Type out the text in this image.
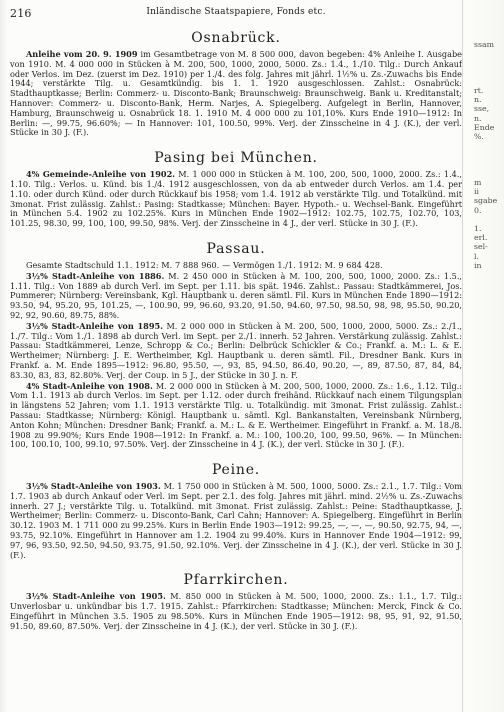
216	Inländische Staatspapiere, Fonds etc.
Osnabrück.

Anleihe vom 20. 9. 1909 im Gesamtbetrage von M. 8 500 000, davon begeben: 4% Anleihe I. Ausgabe von 1910. M. 4 000 000 in Stücken à M. 200, 500, 1000, 2000, 5000. Zs.: 1.4., 1./10. Tilg.: Durch Ankauf oder Verlos. im Dez. (zuerst im Dez. 1910) per 1./4. des folg. Jahres mit jährl. 1½% u. Zs.-Zuwachs bis Ende 1944; verstärkte Tilg. u. Gesamtkündig. bis 1. 1. 1920 ausgeschlossen. Zahlst.: Osnabrück: Stadthauptkasse; Berlin: Commerz- u. Disconto-Bank; Braunschweig: Braunschweig. Bank u. Kreditanstalt; Hannover: Commerz- u. Disconto-Bank, Herm. Narjes, A. Spiegelberg. Aufgelegt in Berlin, Hannover, Hamburg, Braunschweig u. Osnabrück 18. 1. 1910 M. 4 000 000 zu 101,10%. Kurs Ende 1910—1912: In Berlin: —, 99.75, 96.60%; — In Hannover: 101, 100.50, 99%. Verj. der Zinsscheine in 4 J. (K.), der verl. Stücke in 30 J. (F.).

Pasing bei München.

4% Gemeinde-Anleihe von 1902. M. 1 000 000 in Stücken à M. 100, 200, 500, 1000, 2000. Zs.: 1.4., 1.10. Tilg.: Verlos. u. Künd. bis 1./4. 1912 ausgeschlossen, von da ab entweder durch Verlos. am 1.4. per 1.10. oder durch Künd. oder durch Rückkauf bis 1958; vom 1.4. 1912 ab verstärkte Tilg. und Totalkünd. mit 3monat. Frist zulässig. Zahlst.: Pasing: Stadtkasse; München: Bayer. Hypoth.- u. Wechsel-Bank. Eingeführt in München 5.4. 1902 zu 102.25%. Kurs in München Ende 1902—1912: 102.75, 102.75, 102.70, 103, 101.25, 98.30, 99, 100, 100, 99.50, 98%. Verj. der Zinsscheine in 4 J., der verl. Stücke in 30 J. (F.).

Passau.

Gesamte Stadtschuld 1.1. 1912: M. 7 888 960. — Vermögen 1./1. 1912: M. 9 684 428.

3½% Stadt-Anleihe von 1886. M. 2 450 000 in Stücken à M. 100, 200, 500, 1000, 2000. Zs.: 1.5., 1.11. Tilg.: Von 1889 ab durch Verl. im Sept. per 1.11. bis spät. 1946. Zahlst.: Passau: Stadtkämmerei, Jos. Pummerer; Nürnberg: Vereinsbank, Kgl. Hauptbank u. deren sämtl. Fil. Kurs in München Ende 1890—1912: 93.50, 94, 95.20, 95, 101.25, —, 100.90, 99, 96.60, 93.20, 91.50, 94.60, 97.50, 98.50, 98, 98, 95.50, 90.20, 92, 92, 90.60, 89.75, 88%.

3½% Stadt-Anleihe von 1895. M. 2 000 000 in Stücken à M. 200, 500, 1000, 2000, 5000. Zs.: 2./1., 1./7. Tilg.: Vom 1./1. 1898 ab durch Verl. im Sept. per 2./1. innerh. 52 Jahren. Verstärkung zulässig. Zahlst.: Passau: Stadtkämmerei, Lenze, Schropp & Co.; Berlin: Delbrück Schickler & Co.; Frankf. a. M.: L. & E. Wertheimer; Nürnberg: J. E. Wertheimber, Kgl. Hauptbank u. deren sämtl. Fil., Dresdner Bank. Kurs in Frankf. a. M. Ende 1895—1912: 96.80, 95.50, —, 93, 85, 94.50, 86.40, 90.20, —, 89, 87.50, 87, 84, 84, 83.30, 83, 83, 82.80%. Verj. der Coup. in 5 J., der Stücke in 30 J. n. F.

4% Stadt-Anleihe von 1908. M. 2 000 000 in Stücken à M. 200, 500, 1000, 2000. Zs.: 1.6., 1.12. Tilg.: Vom 1.1. 1913 ab durch Verlos. im Sept. per 1.12. oder durch freihänd. Rückkauf nach einem Tilgungsplan in längstens 52 Jahren; vom 1.1. 1913 verstärkte Tilg. u. Totalkündig. mit 3monat. Frist zulässig. Zahlst.: Passau: Stadtkasse; Nürnberg: Königl. Hauptbank u. sämtl. Kgl. Bankanstalten, Vereinsbank Nürnberg, Anton Kohn; München: Dresdner Bank; Frankf. a. M.: L. & E. Wertheimer. Eingeführt in Frankf. a. M. 18./8. 1908 zu 99.90%; Kurs Ende 1908—1912: In Frankf. a. M.: 100, 100.20, 100, 99.50, 96%. — In München: 100, 100.10, 100, 99.10, 97.50%. Verj. der Zinsscheine in 4 J. (K.), der verl. Stücke in 30 J. (F.).

Peine.

3½% Stadt-Anleihe von 1903. M. 1 750 000 in Stücken à M. 500, 1000, 5000. Zs.: 2.1., 1.7. Tilg.: Vom 1.7. 1903 ab durch Ankauf oder Verl. im Sept. per 2.1. des folg. Jahres mit jährl. mind. 2½% u. Zs.-Zuwachs innerh. 27 J.; verstärkte Tilg. u. Totalkünd. mit 3monat. Frist zulässig. Zahlst.: Peine: Stadthauptkasse, J. Wertheimer; Berlin: Commerz- u. Disconto-Bank, Carl Cahn; Hannover: A. Spiegelberg. Eingeführt in Berlin 30.12. 1903 M. 1 711 000 zu 99.25%. Kurs in Berlin Ende 1903—1912: 99.25, —, —, —, 90.50, 92.75, 94, —, 93.75, 92.10%. Eingeführt in Hannover am 1.2. 1904 zu 99.40%. Kurs in Hannover Ende 1904—1912: 99, 97, 96, 93.50, 92.50, 94.50, 93.75, 91.50, 92.10%. Verj. der Zinsscheine in 4 J. (K.), der verl. Stücke in 30 J. (F.).

Pfarrkirchen.

3½% Stadt-Anleihe von 1905. M. 850 000 in Stücken à M. 500, 1000, 2000. Zs.: 1.1., 1.7. Tilg.: Unverlosbar u. unkündbar bis 1.7. 1915. Zahlst.: Pfarrkirchen: Stadtkasse; München: Merck, Finck & Co. Eingeführt in München 3.5. 1905 zu 98.50%. Kurs in München Ende 1905—1912: 98, 95, 91, 92, 91.50, 91.50, 89.60, 87.50%. Verj. der Zinsscheine in 4 J. (K.), der verl. Stücke in 30 J. (F.).

ssam

rt.
n.
sse,
n.
Ende
%.

m
ii
sgabe
0.

1.
erl.
sel-
l.
in
